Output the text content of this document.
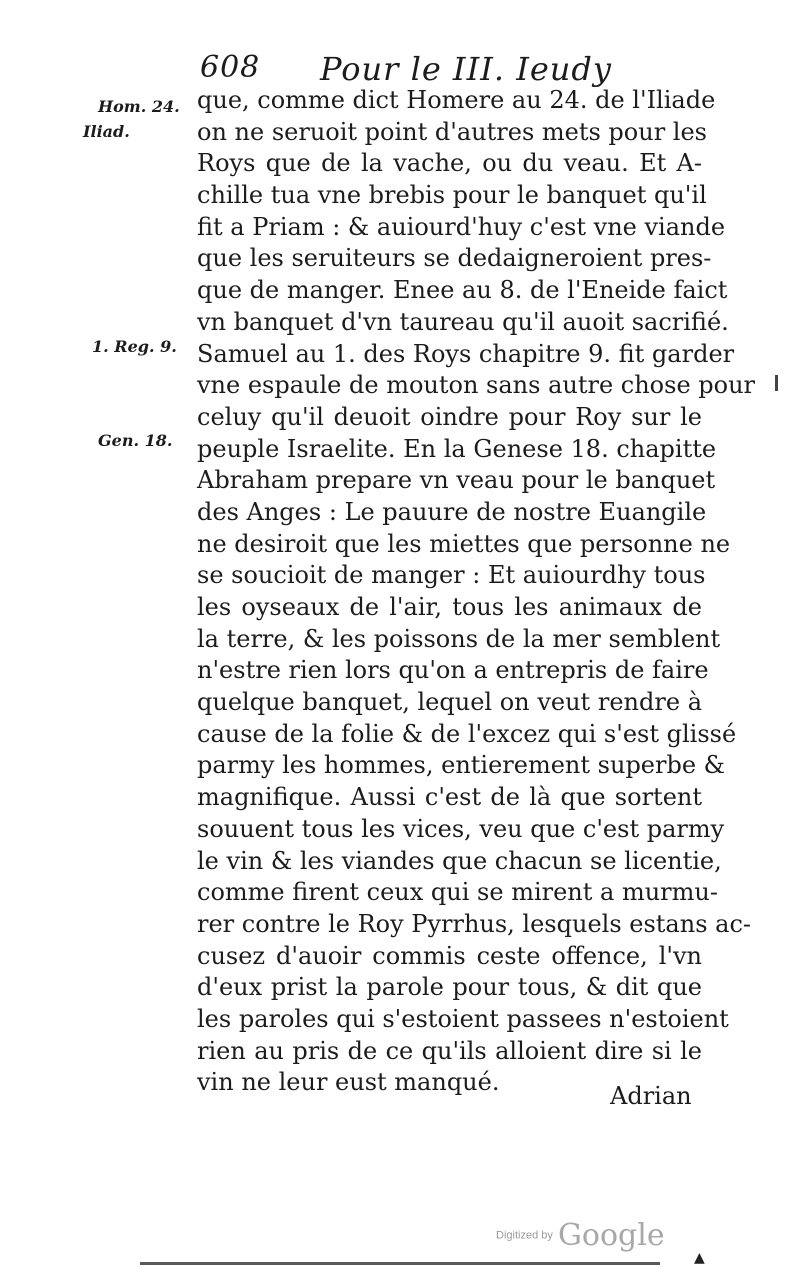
608 Pour le III. Ieudy
Hom. 24.
Iliad.
1. Reg. 9.
Gen. 18.
que, comme dict Homere au 24. de l'Iliade
on ne seruoit point d'autres mets pour les
Roys que de la vache, ou du veau. Et A-
chille tua vne brebis pour le banquet qu'il
fit a Priam : & auiourd'huy c'est vne viande
que les seruiteurs se dedaigneroient pres-
que de manger. Enee au 8. de l'Eneide faict
vn banquet d'vn taureau qu'il auoit sacrifié.
Samuel au 1. des Roys chapitre 9. fit garder
vne espaule de mouton sans autre chose pour
celuy qu'il deuoit oindre pour Roy sur le
peuple Israelite. En la Genese 18. chapitte
Abraham prepare vn veau pour le banquet
des Anges : Le pauure de nostre Euangile
ne desiroit que les miettes que personne ne
se soucioit de manger : Et auiourdhy tous
les oyseaux de l'air, tous les animaux de
la terre, & les poissons de la mer semblent
n'estre rien lors qu'on a entrepris de faire
quelque banquet, lequel on veut rendre à
cause de la folie & de l'excez qui s'est glissé
parmy les hommes, entierement superbe &
magnifique. Aussi c'est de là que sortent
souuent tous les vices, veu que c'est parmy
le vin & les viandes que chacun se licentie,
comme firent ceux qui se mirent a murmu-
rer contre le Roy Pyrrhus, lesquels estans ac-
cusez d'auoir commis ceste offence, l'vn
d'eux prist la parole pour tous, & dit que
les paroles qui s'estoient passees n'estoient
rien au pris de ce qu'ils alloient dire si le
vin ne leur eust manqué.	Adrian
Digitized by Google
▲
